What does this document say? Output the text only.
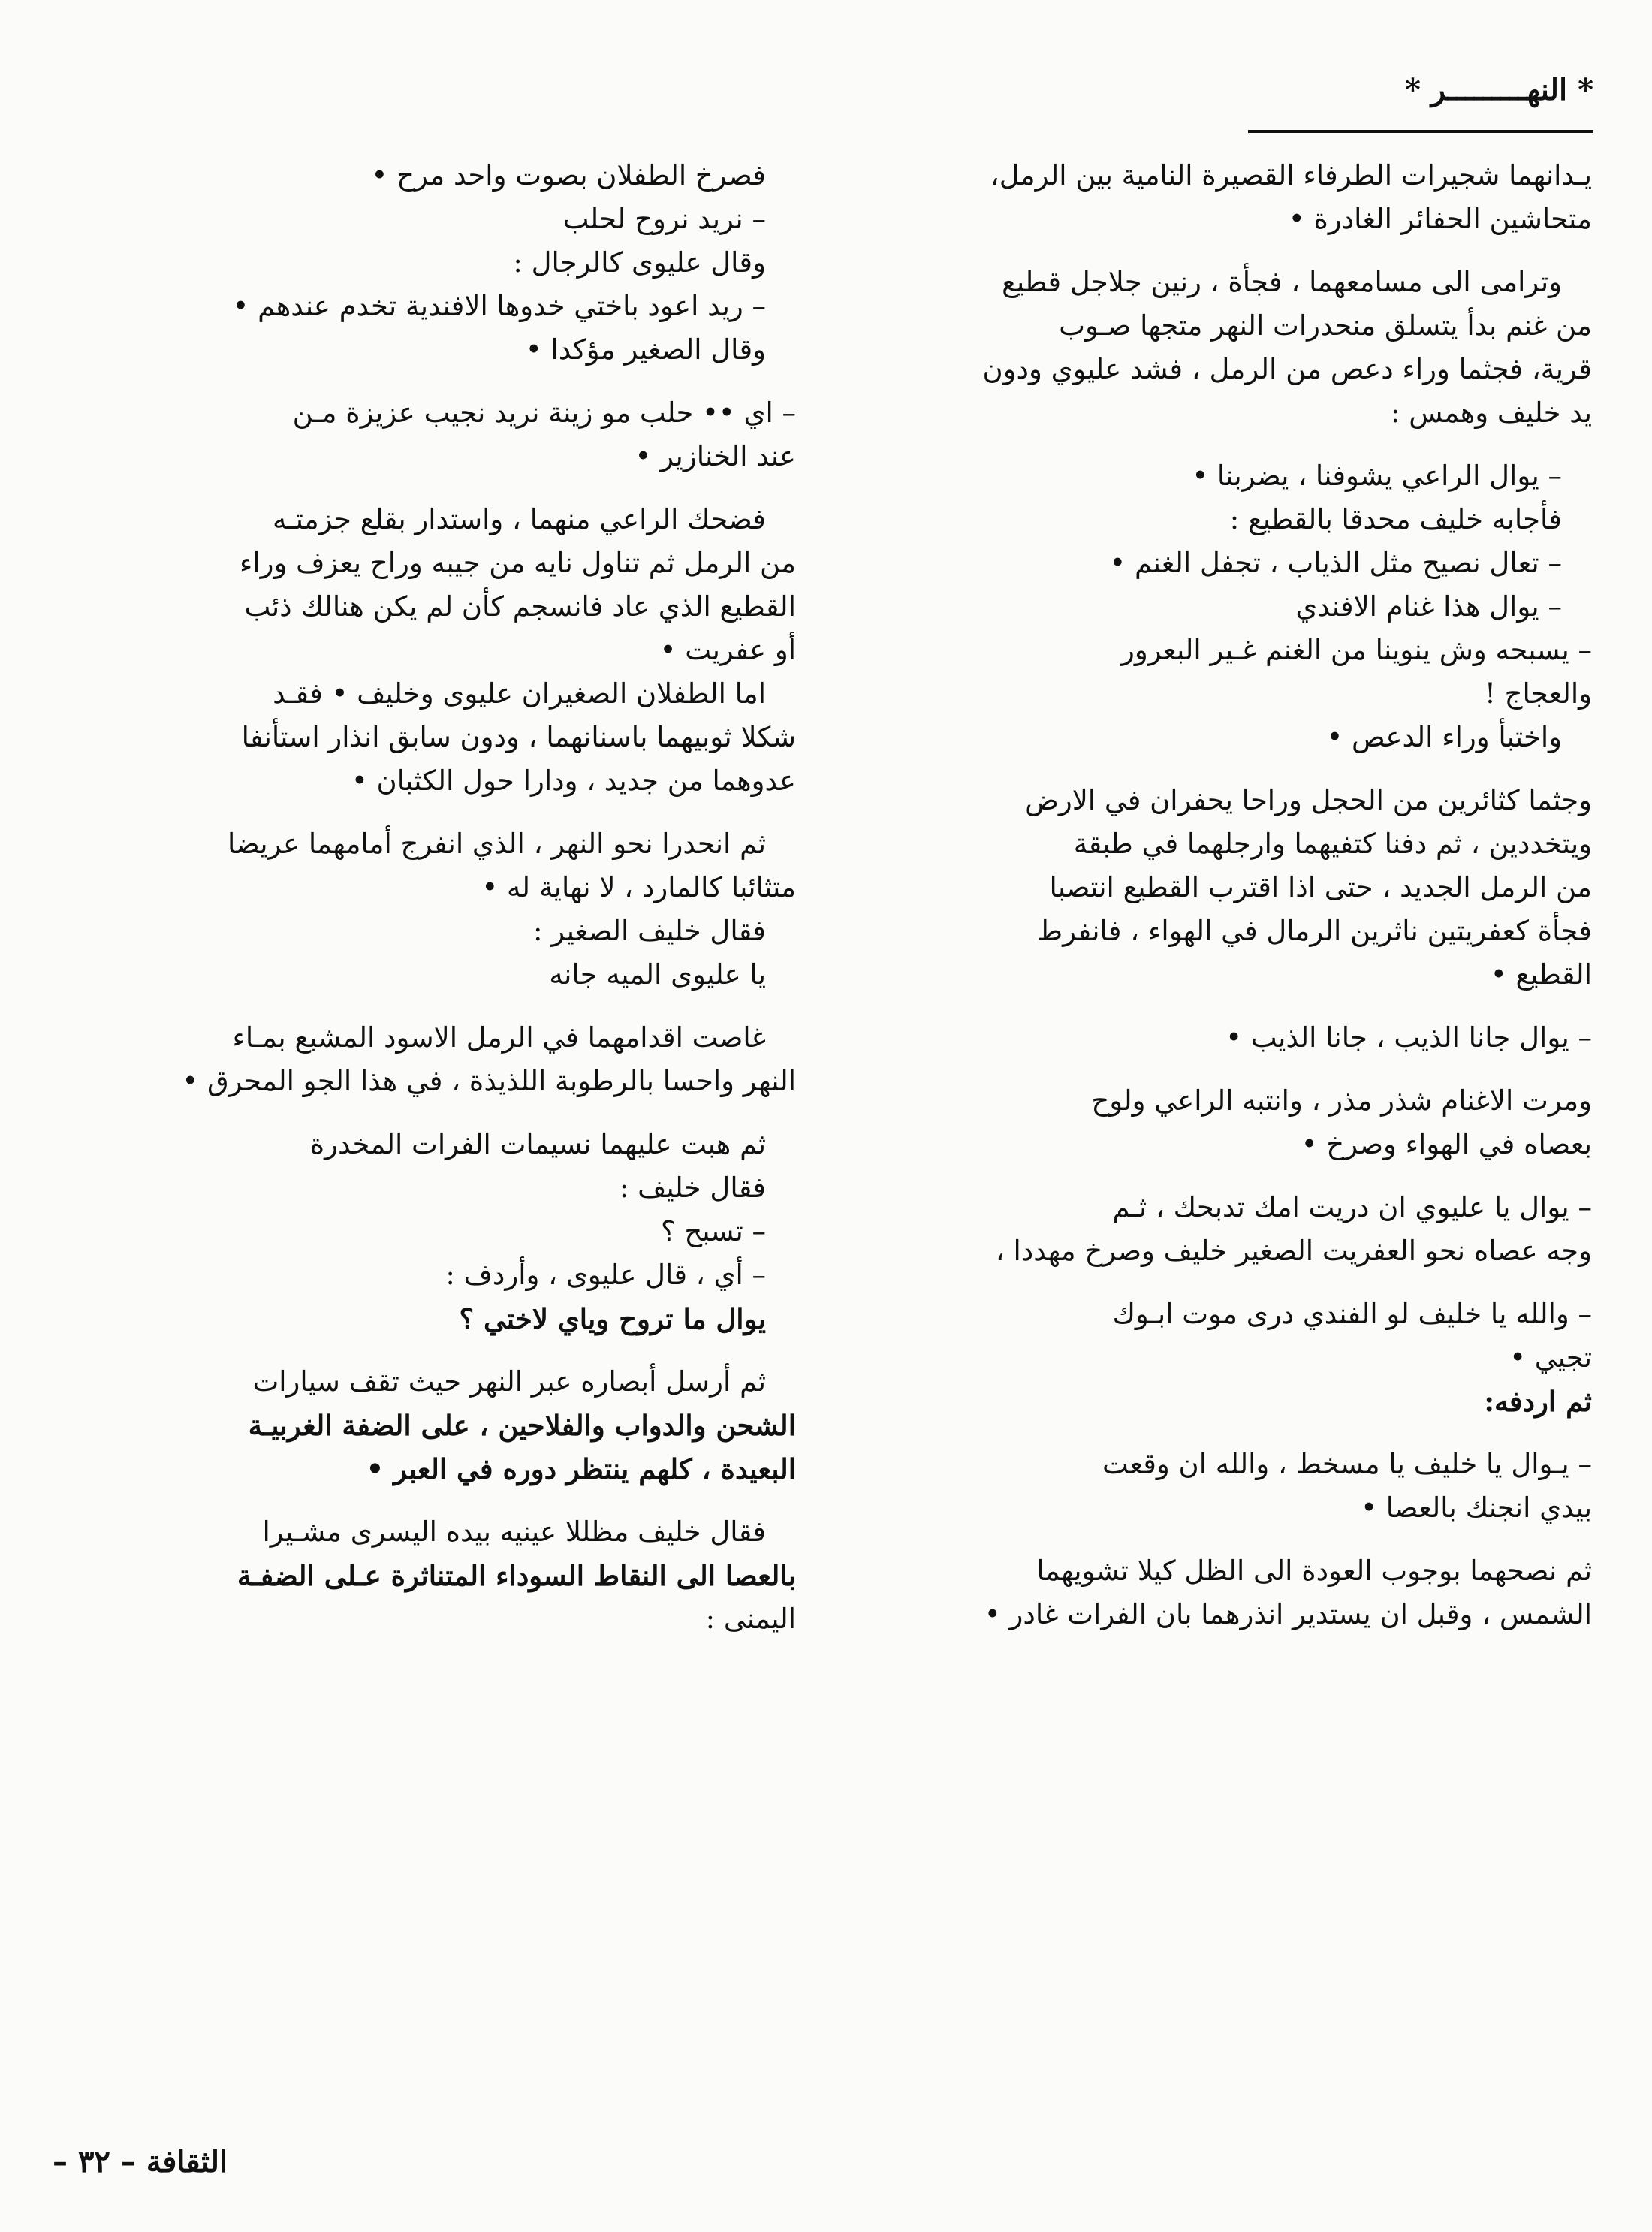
* النهـــــــــر *

يـدانهما شجيرات الطرفاء القصيرة النامية بين الرمل،

متحاشين الحفائر الغادرة •

وترامى الى مسامعهما ، فجأة ، رنين جلاجل قطيع

من غنم بدأ يتسلق منحدرات النهر متجها صـوب

قرية، فجثما وراء دعص من الرمل ، فشد عليوي ودون

يد خليف وهمس :

– يوال الراعي يشوفنا ، يضربنا •

فأجابه خليف محدقا بالقطيع :

– تعال نصيح مثل الذياب ، تجفل الغنم •

– يوال هذا غنام الافندي

– يسبحه وش ينوينا من الغنم غـير البعرور

والعجاج !

واختبأ وراء الدعص •

وجثما كثائرين من الحجل وراحا يحفران في الارض

ويتخددين ، ثم دفنا كتفيهما وارجلهما في طبقة

من الرمل الجديد ، حتى اذا اقترب القطيع انتصبا

فجأة كعفريتين ناثرين الرمال في الهواء ، فانفرط

القطيع •

– يوال جانا الذيب ، جانا الذيب •

ومرت الاغنام شذر مذر ، وانتبه الراعي ولوح

بعصاه في الهواء وصرخ •

– يوال يا عليوي ان دريت امك تدبحك ، ثـم

وجه عصاه نحو العفريت الصغير خليف وصرخ مهددا ،

– والله يا خليف لو الفندي درى موت ابـوك

تجيي •

ثم اردفه:

– يـوال يا خليف يا مسخط ، والله ان وقعت

بيدي انجنك بالعصا •

ثم نصحهما بوجوب العودة الى الظل كيلا تشويهما

الشمس ، وقبل ان يستدير انذرهما بان الفرات غادر •

فصرخ الطفلان بصوت واحد مرح •

– نريد نروح لحلب

وقال عليوى كالرجال :

– ريد اعود باختي خدوها الافندية تخدم عندهم •

وقال الصغير مؤكدا •

– اي •• حلب مو زينة نريد نجيب عزيزة مـن

عند الخنازير •

فضحك الراعي منهما ، واستدار بقلع جزمتـه

من الرمل ثم تناول نايه من جيبه وراح يعزف وراء

القطيع الذي عاد فانسجم كأن لم يكن هنالك ذئب

أو عفريت •

اما الطفلان الصغيران عليوى وخليف • فقـد

شكلا ثوبيهما باسنانهما ، ودون سابق انذار استأنفا

عدوهما من جديد ، ودارا حول الكثبان •

ثم انحدرا نحو النهر ، الذي انفرج أمامهما عريضا

متثائبا كالمارد ، لا نهاية له •

فقال خليف الصغير :

يا عليوى الميه جانه

غاصت اقدامهما في الرمل الاسود المشبع بمـاء

النهر واحسا بالرطوبة اللذيذة ، في هذا الجو المحرق •

ثم هبت عليهما نسيمات الفرات المخدرة

فقال خليف :

– تسبح ؟

– أي ، قال عليوى ، وأردف :

يوال ما تروح وياي لاختي ؟

ثم أرسل أبصاره عبر النهر حيث تقف سيارات

الشحن والدواب والفلاحين ، على الضفة الغربيـة

البعيدة ، كلهم ينتظر دوره في العبر •

فقال خليف مظللا عينيه بيده اليسرى مشـيرا

بالعصا الى النقاط السوداء المتناثرة عـلى الضفـة

اليمنى :

الثقافة – ٣٢ –
